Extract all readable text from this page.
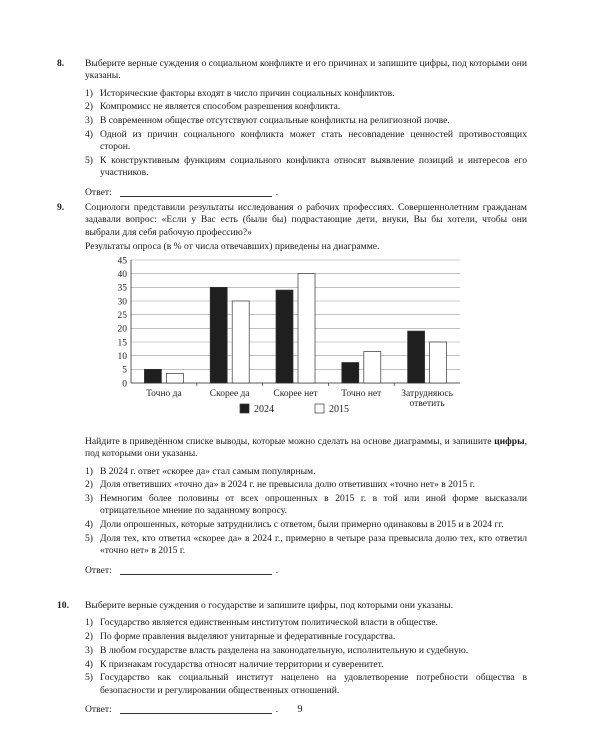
8.	Выберите верные суждения о социальном конфликте и его причинах и запишите цифры, под которыми они указаны.
1) Исторические факторы входят в число причин социальных конфликтов.
2) Компромисс не является способом разрешения конфликта.
3) В современном обществе отсутствуют социальные конфликты на религиозной почве.
4) Одной из причин социального конфликта может стать несовпадение ценностей противостоящих сторон.
5) К конструктивным функциям социального конфликта относят выявление позиций и интересов его участников.
Ответ:	.
9.	Социологи представили результаты исследования о рабочих профессиях. Совершеннолетним гражданам задавали вопрос: «Если у Вас есть (были бы) подрастающие дети, внуки, Вы бы хотели, чтобы они выбрали для себя рабочую профессию?»
Результаты опроса (в % от числа отвечавших) приведены на диаграмме.
0
5
10
15
20
25
30
35
40
45
Точно да	Скорее да	Скорее нет Точно нет Затрудняюсь
ответить
2024	2015
Найдите в приведённом списке выводы, которые можно сделать на основе диаграммы, и запишите цифры, под которыми они указаны.
1) В 2024 г. ответ «скорее да» стал самым популярным.
2) Доля ответивших «точно да» в 2024 г. не превысила долю ответивших «точно нет» в 2015 г.
3) Немногим более половины от всех опрошенных в 2015 г. в той или иной форме высказали отрицательное мнение по заданному вопросу.
4) Доли опрошенных, которые затруднились с ответом, были примерно одинаковы в 2015 и в 2024 гг.
5) Доля тех, кто ответил «скорее да» в 2024 г., примерно в четыре раза превысила долю тех, кто ответил «точно нет» в 2015 г.
Ответ:	.
10.	Выберите верные суждения о государстве и запишите цифры, под которыми они указаны.
1) Государство является единственным институтом политической власти в обществе.
2) По форме правления выделяют унитарные и федеративные государства.
3) В любом государстве власть разделена на законодательную, исполнительную и судебную.
4) К признакам государства относят наличие территории и суверенитет.
5) Государство как социальный институт нацелено на удовлетворение потребности общества в безопасности и регулировании общественных отношений.
Ответ:	.	9
